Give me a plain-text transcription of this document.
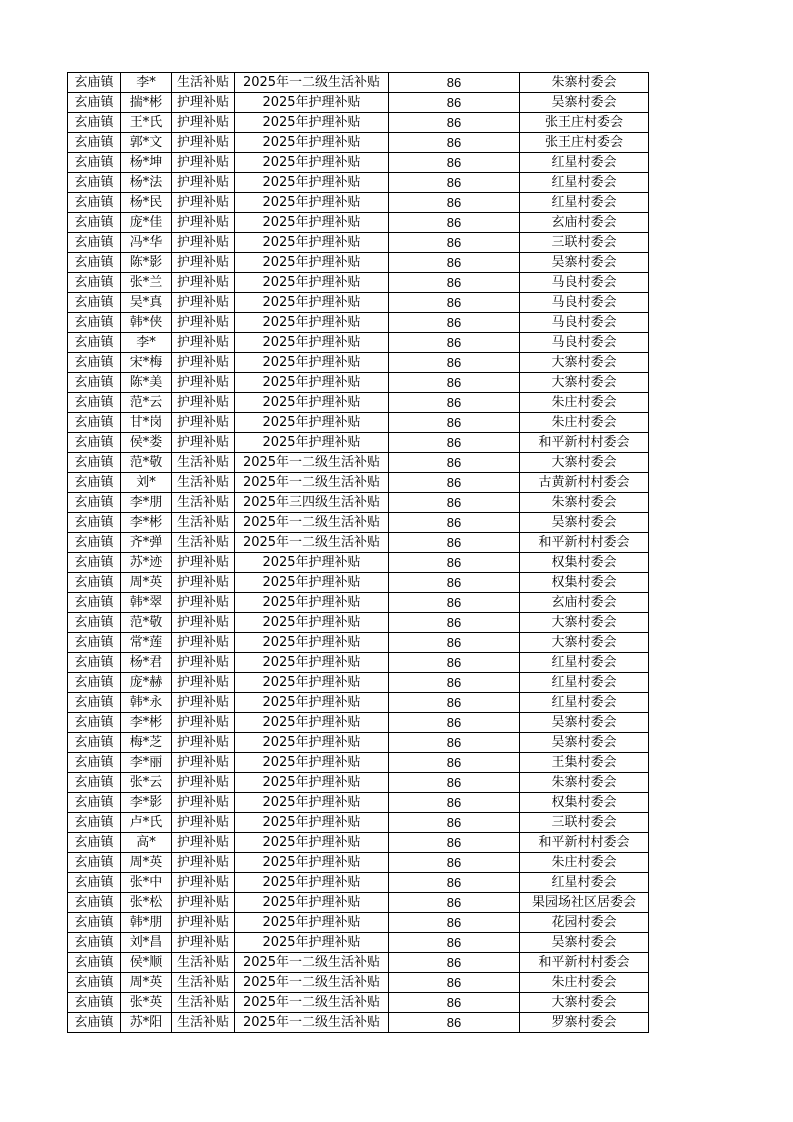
玄庙镇	李*	生活补贴	2025年一二级生活补贴	86	朱寨村委会
玄庙镇	揣*彬	护理补贴	2025年护理补贴	86	吴寨村委会
玄庙镇	王*氏	护理补贴	2025年护理补贴	86	张王庄村委会
玄庙镇	郭*文	护理补贴	2025年护理补贴	86	张王庄村委会
玄庙镇	杨*坤	护理补贴	2025年护理补贴	86	红星村委会
玄庙镇	杨*法	护理补贴	2025年护理补贴	86	红星村委会
玄庙镇	杨*民	护理补贴	2025年护理补贴	86	红星村委会
玄庙镇	庞*佳	护理补贴	2025年护理补贴	86	玄庙村委会
玄庙镇	冯*华	护理补贴	2025年护理补贴	86	三联村委会
玄庙镇	陈*影	护理补贴	2025年护理补贴	86	吴寨村委会
玄庙镇	张*兰	护理补贴	2025年护理补贴	86	马良村委会
玄庙镇	吴*真	护理补贴	2025年护理补贴	86	马良村委会
玄庙镇	韩*侠	护理补贴	2025年护理补贴	86	马良村委会
玄庙镇	李*	护理补贴	2025年护理补贴	86	马良村委会
玄庙镇	宋*梅	护理补贴	2025年护理补贴	86	大寨村委会
玄庙镇	陈*美	护理补贴	2025年护理补贴	86	大寨村委会
玄庙镇	范*云	护理补贴	2025年护理补贴	86	朱庄村委会
玄庙镇	甘*岗	护理补贴	2025年护理补贴	86	朱庄村委会
玄庙镇	侯*娄	护理补贴	2025年护理补贴	86	和平新村村委会
玄庙镇	范*敬	生活补贴	2025年一二级生活补贴	86	大寨村委会
玄庙镇	刘*	生活补贴	2025年一二级生活补贴	86	古黄新村村委会
玄庙镇	李*朋	生活补贴	2025年三四级生活补贴	86	朱寨村委会
玄庙镇	李*彬	生活补贴	2025年一二级生活补贴	86	吴寨村委会
玄庙镇	齐*弹	生活补贴	2025年一二级生活补贴	86	和平新村村委会
玄庙镇	苏*迹	护理补贴	2025年护理补贴	86	权集村委会
玄庙镇	周*英	护理补贴	2025年护理补贴	86	权集村委会
玄庙镇	韩*翠	护理补贴	2025年护理补贴	86	玄庙村委会
玄庙镇	范*敬	护理补贴	2025年护理补贴	86	大寨村委会
玄庙镇	常*莲	护理补贴	2025年护理补贴	86	大寨村委会
玄庙镇	杨*君	护理补贴	2025年护理补贴	86	红星村委会
玄庙镇	庞*赫	护理补贴	2025年护理补贴	86	红星村委会
玄庙镇	韩*永	护理补贴	2025年护理补贴	86	红星村委会
玄庙镇	李*彬	护理补贴	2025年护理补贴	86	吴寨村委会
玄庙镇	梅*芝	护理补贴	2025年护理补贴	86	吴寨村委会
玄庙镇	李*丽	护理补贴	2025年护理补贴	86	王集村委会
玄庙镇	张*云	护理补贴	2025年护理补贴	86	朱寨村委会
玄庙镇	李*影	护理补贴	2025年护理补贴	86	权集村委会
玄庙镇	卢*氏	护理补贴	2025年护理补贴	86	三联村委会
玄庙镇	高*	护理补贴	2025年护理补贴	86	和平新村村委会
玄庙镇	周*英	护理补贴	2025年护理补贴	86	朱庄村委会
玄庙镇	张*中	护理补贴	2025年护理补贴	86	红星村委会
玄庙镇	张*松	护理补贴	2025年护理补贴	86	果园场社区居委会
玄庙镇	韩*朋	护理补贴	2025年护理补贴	86	花园村委会
玄庙镇	刘*昌	护理补贴	2025年护理补贴	86	吴寨村委会
玄庙镇	侯*顺	生活补贴	2025年一二级生活补贴	86	和平新村村委会
玄庙镇	周*英	生活补贴	2025年一二级生活补贴	86	朱庄村委会
玄庙镇	张*英	生活补贴	2025年一二级生活补贴	86	大寨村委会
玄庙镇	苏*阳	生活补贴	2025年一二级生活补贴	86	罗寨村委会
